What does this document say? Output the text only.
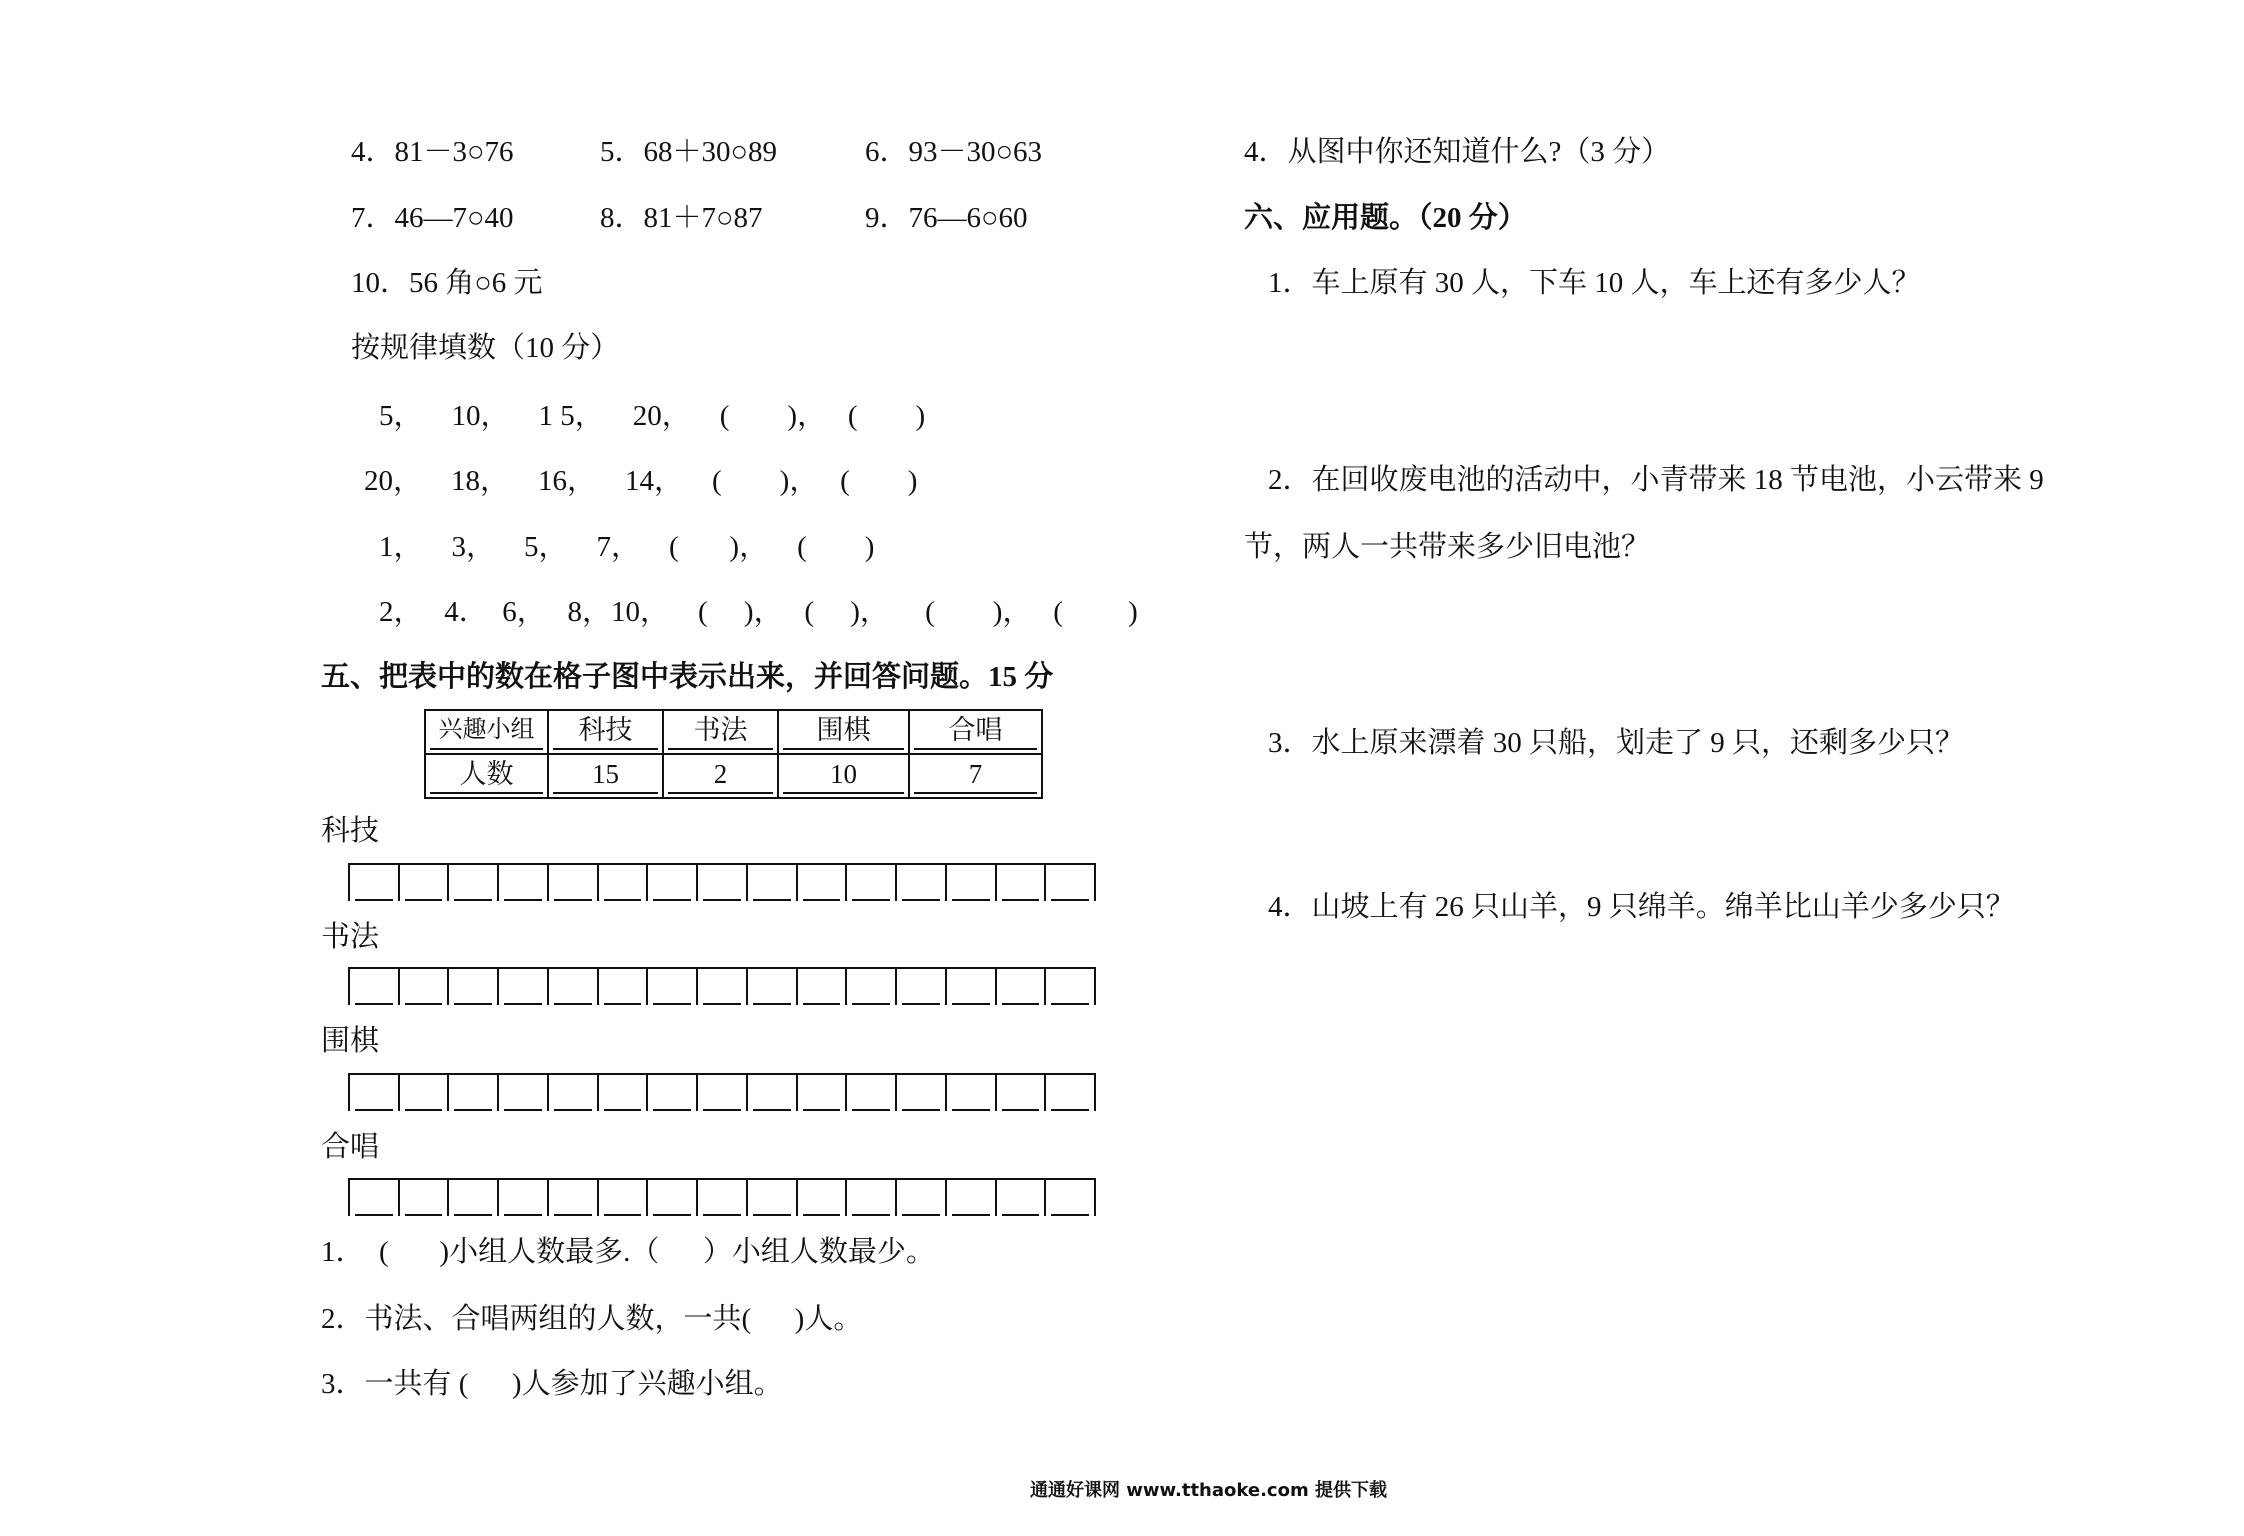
4．81－3○76	5．68＋30○89	6．93－30○63
7．46—7○40	8．81＋7○87	9．76—6○60
10．56 角○6 元
按规律填数（10 分）
5，    10，    1 5，    20，    (        )，   (        )
20，    18，    16，    14，    (        )，   (        )
1，    3，    5，    7，    (       )，    (        )
2，   4．  6，   8，10，    (     )，   (     )，     (        )，   (         )
五、把表中的数在格子图中表示出来，并回答问题。15 分
兴趣小组	科技	书法	围棋	合唱

人数	15	2	10	7
科技
书法
围棋
合唱
1．  (       )小组人数最多.（      ）小组人数最少。
2．书法、合唱两组的人数，一共(      )人。
3．一共有 (      )人参加了兴趣小组。
4．从图中你还知道什么?（3 分）
六、应用题。（20 分）
1．车上原有 30 人，下车 10 人，车上还有多少人？
2．在回收废电池的活动中，小青带来 18 节电池，小云带来 9
节，两人一共带来多少旧电池？
3．水上原来漂着 30 只船，划走了 9 只，还剩多少只？
4．山坡上有 26 只山羊，9 只绵羊。绵羊比山羊少多少只？
通通好课网 www.tthaoke.com 提供下载
